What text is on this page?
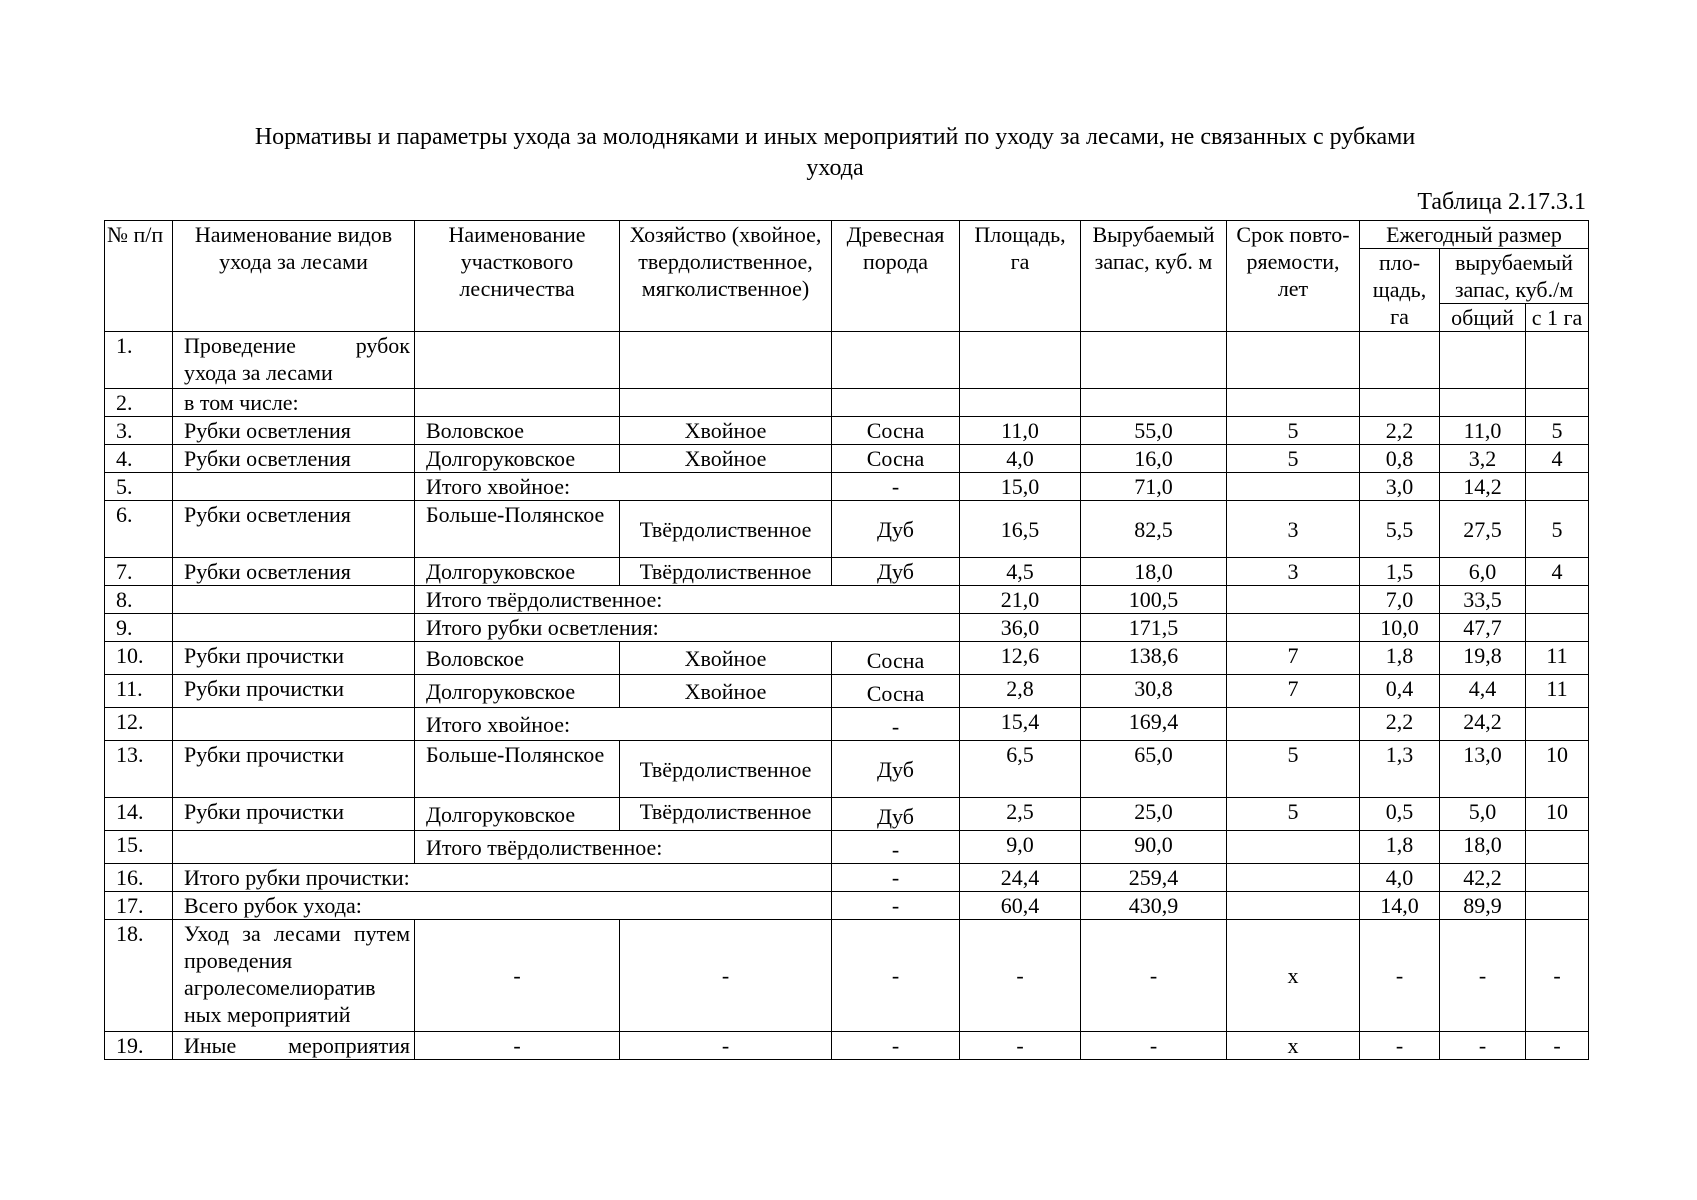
Нормативы и параметры ухода за молодняками и иных мероприятий по уходу за лесами, не связанных с рубками
ухода
Таблица 2.17.3.1
№ п/п	Наименование видов ухода за лесами	Наименование участкового лесничества	Хозяйство (хвойное, твердолиственное, мягколиственное)	Древесная порода	Площадь, га	Вырубаемый запас, куб. м	Срок повто-ряемости, лет	Ежегодный размер		
								пло-щадь, га	вырубаемый запас, куб./м	

									общий	с 1 га
1.	Проведение рубок ухода за лесами									
2.	в том числе:									
3.	Рубки осветления	Воловское	Хвойное	Сосна	11,0	55,0	5	2,2	11,0	5
4.	Рубки осветления	Долгоруковское	Хвойное	Сосна	4,0	16,0	5	0,8	3,2	4
5.		Итого хвойное:		-	15,0	71,0		3,0	14,2	
6.	Рубки осветления	Больше-Полянское	Твёрдолиственное	Дуб	16,5	82,5	3	5,5	27,5	5
7.	Рубки осветления	Долгоруковское	Твёрдолиственное	Дуб	4,5	18,0	3	1,5	6,0	4
8.		Итого твёрдолиственное:			21,0	100,5		7,0	33,5	
9.		Итого рубки осветления:			36,0	171,5		10,0	47,7	
10.	Рубки прочистки	Воловское	Хвойное	Сосна	12,6	138,6	7	1,8	19,8	11
11.	Рубки прочистки	Долгоруковское	Хвойное	Сосна	2,8	30,8	7	0,4	4,4	11
12.		Итого хвойное:		-	15,4	169,4		2,2	24,2	
13.	Рубки прочистки	Больше-Полянское	Твёрдолиственное	Дуб	6,5	65,0	5	1,3	13,0	10
14.	Рубки прочистки	Долгоруковское	Твёрдолиственное	Дуб	2,5	25,0	5	0,5	5,0	10
15.		Итого твёрдолиственное:		-	9,0	90,0		1,8	18,0	
16.	Итого рубки прочистки:			-	24,4	259,4		4,0	42,2	
17.	Всего рубок ухода:			-	60,4	430,9		14,0	89,9	
18.	Уход за лесами путем проведения агролесомелиоратив ных мероприятий	-	-	-	-	-	x	-	-	-
19.	Иные мероприятия	-	-	-	-	-	x	-	-	-
